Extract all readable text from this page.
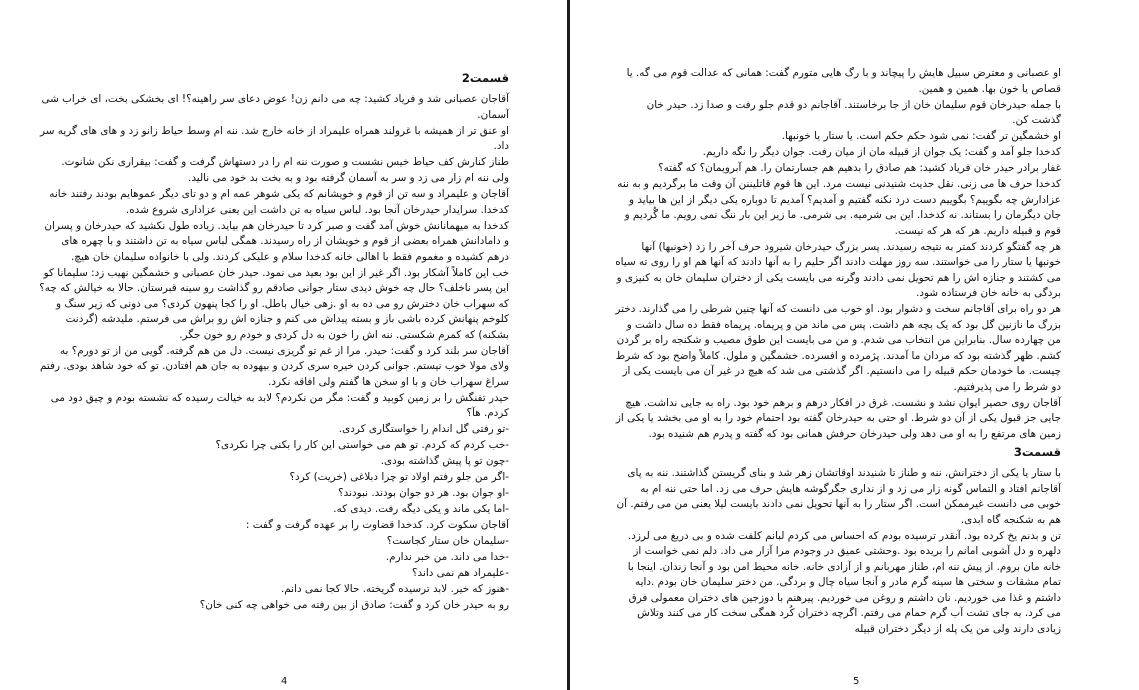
قسمت2

آقاجان عصبانی شد و فریاد کشید: چه می دانم زن! عوض دعای سر راهینه؟! ای بخشکی بخت، ای خراب شی آسمان.

او عنق تر از همیشه با غرولند همراه علیمراد از خانه خارج شد. ننه ام وسط حیاط زانو زد و های های گریه سر داد.

طناز کنارش کف حیاط خیس نشست و صورت ننه ام را در دستهاش گرفت و گفت: بیقراری نکن شانوت.

ولی ننه ام زار می زد و سر به آسمان گرفته بود و به بخت بد خود می نالید.

آقاجان و علیمراد و سه تن از قوم و خویشانم که یکی شوهر عمه ام و دو تای دیگر عموهایم بودند رفتند خانه کدخدا. سرایدار حیدرخان آنجا بود. لباس سیاه به تن داشت این یعنی عزاداری شروع شده.

کدخدا به میهمانانش خوش آمد گفت و صبر کرد تا حیدرخان هم بیاید. زیاده طول نکشید که حیدرخان و پسران و دامادانش همراه بعضی از قوم و خویشان از راه رسیدند. همگی لباس سیاه به تن داشتند و با چهره های درهم کشیده و مغموم فقط با اهالی خانه کدخدا سلام و علیکی کردند. ولی با خانواده سلیمان خان هیچ.

خب این کاملاً آشکار بود. اگر غیر از این بود بعید می نمود. حیدر خان عصبانی و خشمگین نهیب زد: سلیمانا کو این پسر ناخلف؟ حال چه خوش دیدی ستار جوانی صادقم رو گذاشت رو سینه قبرستان. حالا به خیالش که چه؟ که سهراب خان دخترش رو می ده به او .زهی خیال باطل. او را کجا پنهون کردی؟ می دونی که زیر سنگ و کلوخم پنهانش کرده باشی باز و بسته پیداش می کنم و جنازه اش رو براش می فرستم. ملیدشه (گردنت بشکنه) که کمرم شکستی. ننه اش را خون به دل کردی و خودم رو خون جگر.

آقاجان سر بلند کرد و گفت: حیدر. مرا از غم تو گریزی نیست. دل من هم گرفته. گویی من از تو دورم؟ به ولای مولا خوب نیستم. جوانی کردن خیره سری کردن و بیهوده به جان هم افتادن. تو که خود شاهد بودی. رفتم سراغ سهراب خان و با او سخن ها گفتم ولی افاقه نکرد.

حیدر تفنگش را بر زمین کوبید و گفت: مگر من نکردم؟ لابد به خیالت رسیده که نشسته بودم و چیق دود می کردم. هآ؟

-تو رفتی گل اندام را خواستگاری کردی.

-خب کردم که کردم. تو هم می خواستی این کار را بکنی چرا نکردی؟

-چون تو پا پیش گذاشته بودی.

-اگر من جلو رفتم اولاد تو چرا دبلاغی (خریت) کرد؟

-او جوان بود. هر دو جوان بودند. نبودند؟

-اما یکی ماند و یکی دیگه رفت. دیدی که.

آقاجان سکوت کرد. کدخدا قضاوت را بر عهده گرفت و گفت :

-سلیمان خان ستار کجاست؟

-خدا می داند. من خبر ندارم.

-علیمراد هم نمی داند؟

-هنوز که خیر. لابد ترسیده گریخته. حالا کجا نمی دانم.

رو به حیدر خان کرد و گفت: صادق از بین رفته می خواهی چه کنی خان؟

4

او عصبانی و معترض سبیل هایش را پیچاند و با رگ هایی متورم گفت: همانی که عدالت قوم می گه. یا قصاص یا خون بها. همین و همین.

با جمله حیدرخان قوم سلیمان خان از جا برخاستند. آقاجانم دو قدم جلو رفت و صدا زد. حیدر خان گذشت کن.

او خشمگین تر گفت: نمی شود حکم حکم است. یا ستار یا خونبها.

کدخدا جلو آمد و گفت: یک جوان از قبیله مان از میان رفت. جوان دیگر را نگه داریم.

غفار برادر حیدر خان فریاد کشید: هم صادق را بدهیم هم جسارتمان را. هم آبرویمان؟ که گفته؟

کدخدا حرف ها می زنی. نقل حدیث شنیدنی نیست مرد. این ها قوم قاتلیننن آن وقت ما برگردیم و به ننه عزادارش چه بگوییم؟ بگوییم دست درد نکنه گفتیم و آمدیم؟ آمدیم تا دوباره یکی دیگر از این ها بیاید و جان دیگرمان را بستاند. نه کدخدا. این بی شرمیه. بی شرمی. ما زیر این بار ننگ نمی رویم. ما گُردیم و قوم و قبیله داریم. هر که هر که نیست.

هر چه گفتگو کردند کمتر به نتیجه رسیدند. پسر بزرگ حیدرخان شیرود حرف آخر را زد (خونبها) آنها خونبها یا ستار را می خواستند. سه روز مهلت دادند اگر حلیم را به آنها دادند که آنها هم او را روی ته سیاه می کشتند و جنازه اش را هم تحویل نمی دادند وگرنه می بایست یکی از دختران سلیمان خان به کنیزی و بردگی به خانه خان فرستاده شود.

هر دو راه برای آقاجانم سخت و دشوار بود. او خوب می دانست که آنها چنین شرطی را می گذارند. دختر بزرگ ما نازنین گل بود که یک بچه هم داشت. پس می ماند من و پریماه. پریماه فقط ده سال داشت و من چهارده سال. بنابراین من انتخاب می شدم. و من می بایست این طوق مصیب و شکنجه راه بر گردن کشم. ظهر گذشته بود که مردان ما آمدند. پژمرده و افسرده. خشمگین و ملول. کاملاً واضح بود که شرط چیست. ما خودمان حکم قبیله را می دانستیم. اگر گذشتی می شد که هیچ در غیر آن می بایست یکی از دو شرط را می پذیرفتیم.

آقاجان روی حصیر ایوان نشد و نشست. غرق در افکار درهم و برهم خود بود. راه به جایی نداشت. هیچ جایی جز قبول یکی از آن دو شرط. او حتی به حیدرخان گفته بود احتمام خود را به او می بخشد یا یکی از زمین های مرتفع را به او می دهد ولی حیدرخان حرفش همانی بود که گفته و پدرم هم شنیده بود.

قسمت3

با ستار یا یکی از دخترانش. ننه و طناز تا شنیدند اوقاتشان زهر شد و بنای گریستن گذاشتند. ننه به پای آقاجانم افتاد و التماس گونه زار می زد و از نداری جگرگوشه هایش حرف می زد. اما حتی ننه ام به خوبی می دانست غیرممکن است. اگر ستار را به آنها تحویل نمی دادند بایست لیلا یعنی من می رفتم. آن هم به شکنجه گاه ابدی.

تن و بدنم یخ کرده بود. آنقدر ترسیده بودم که احساس می کردم لبانم کلفت شده و بی دریغ می لرزد. دلهره و دل آشوبی امانم را بریده بود .وحشتی عمیق در وجودم مرا آزار می داد. دلم نمی خواست از خانه مان بروم. از پیش ننه ام، طناز مهربانم و از آزادی خانه. خانه محیط امن بود و آنجا زندان. اینجا با تمام مشقات و سختی ها سینه گرم مادر و آنجا سیاه چال و بردگی. من دختر سلیمان خان بودم .دایه داشتم و غذا می خوردیم. نان داشتم و روغن می خوردیم. پیرهنم با دوزجین های دختران معمولی فرق می کرد. به جای تشت آب گرم حمام می رفتم. اگرچه دختران کُرد همگی سخت کار می کنند وتلاش زیادی دارند ولی من یک پله از دیگر دختران قبیله

5
